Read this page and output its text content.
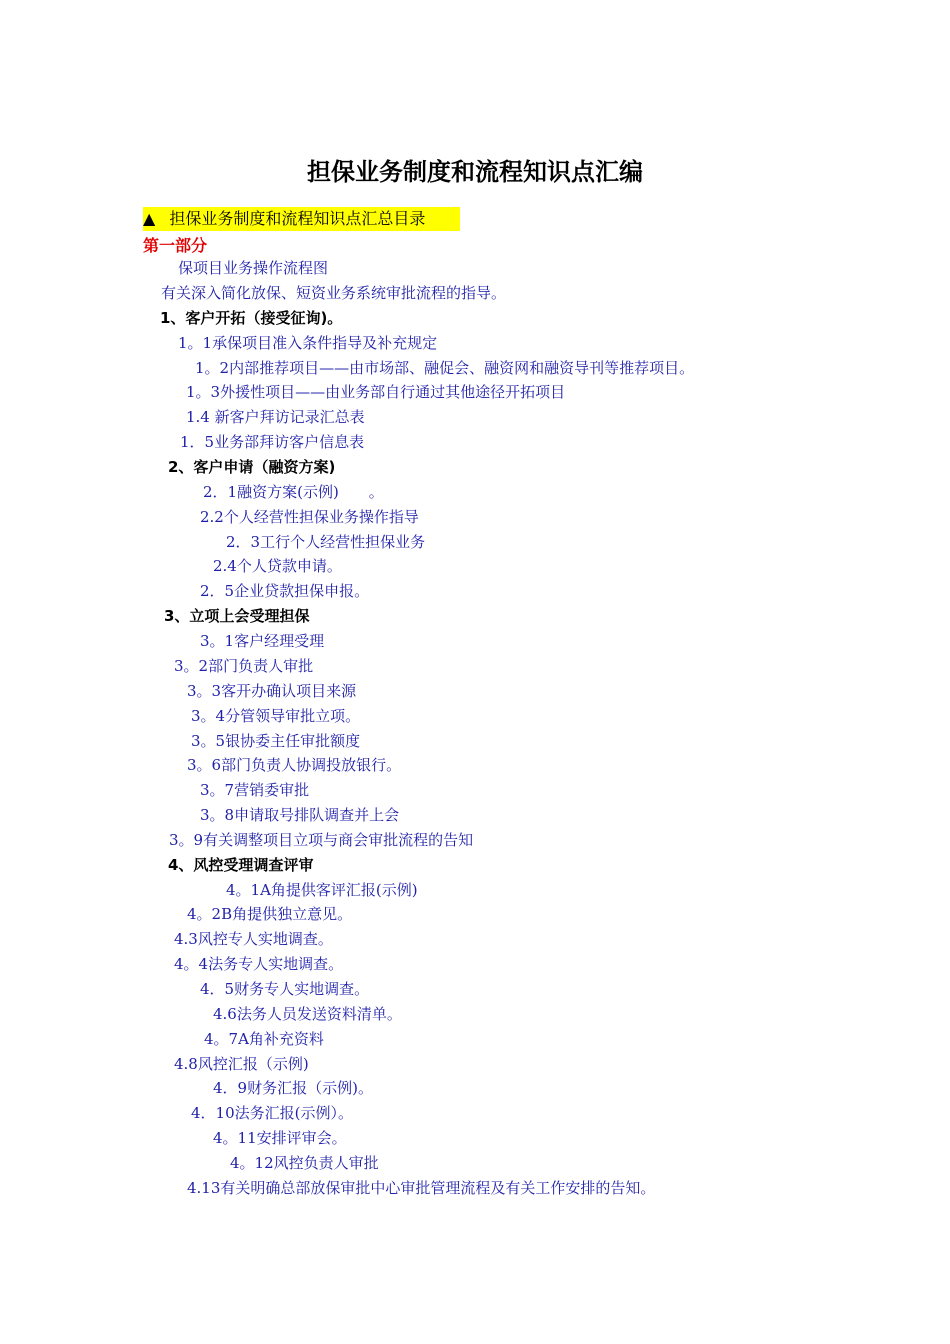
担保业务制度和流程知识点汇编
▲ 担保业务制度和流程知识点汇总目录
第一部分
保项目业务操作流程图
有关深入简化放保、短资业务系统审批流程的指导。
1、客户开拓（接受征询)。
1。1承保项目准入条件指导及补充规定
1。2内部推荐项目——由市场部、融促会、融资网和融资导刊等推荐项目。
1。3外援性项目——由业务部自行通过其他途径开拓项目
1.4 新客户拜访记录汇总表
1．5业务部拜访客户信息表
2、客户申请（融资方案)
2．1融资方案(示例)　　。
2.2个人经营性担保业务操作指导
2．3工行个人经营性担保业务
2.4个人贷款申请。
2．5企业贷款担保申报。
3、立项上会受理担保
3。1客户经理受理
3。2部门负责人审批
3。3客开办确认项目来源
3。4分管领导审批立项。
3。5银协委主任审批额度
3。6部门负责人协调投放银行。
3。7营销委审批
3。8申请取号排队调查并上会
3。9有关调整项目立项与商会审批流程的告知
4、风控受理调查评审
4。1A角提供客评汇报(示例)
4。2B角提供独立意见。
4.3风控专人实地调查。
4。4法务专人实地调查。
4．5财务专人实地调查。
4.6法务人员发送资料清单。
4。7A角补充资料
4.8风控汇报（示例)
4．9财务汇报（示例)。
4．10法务汇报(示例）。
4。11安排评审会。
4。12风控负责人审批
4.13有关明确总部放保审批中心审批管理流程及有关工作安排的告知。
